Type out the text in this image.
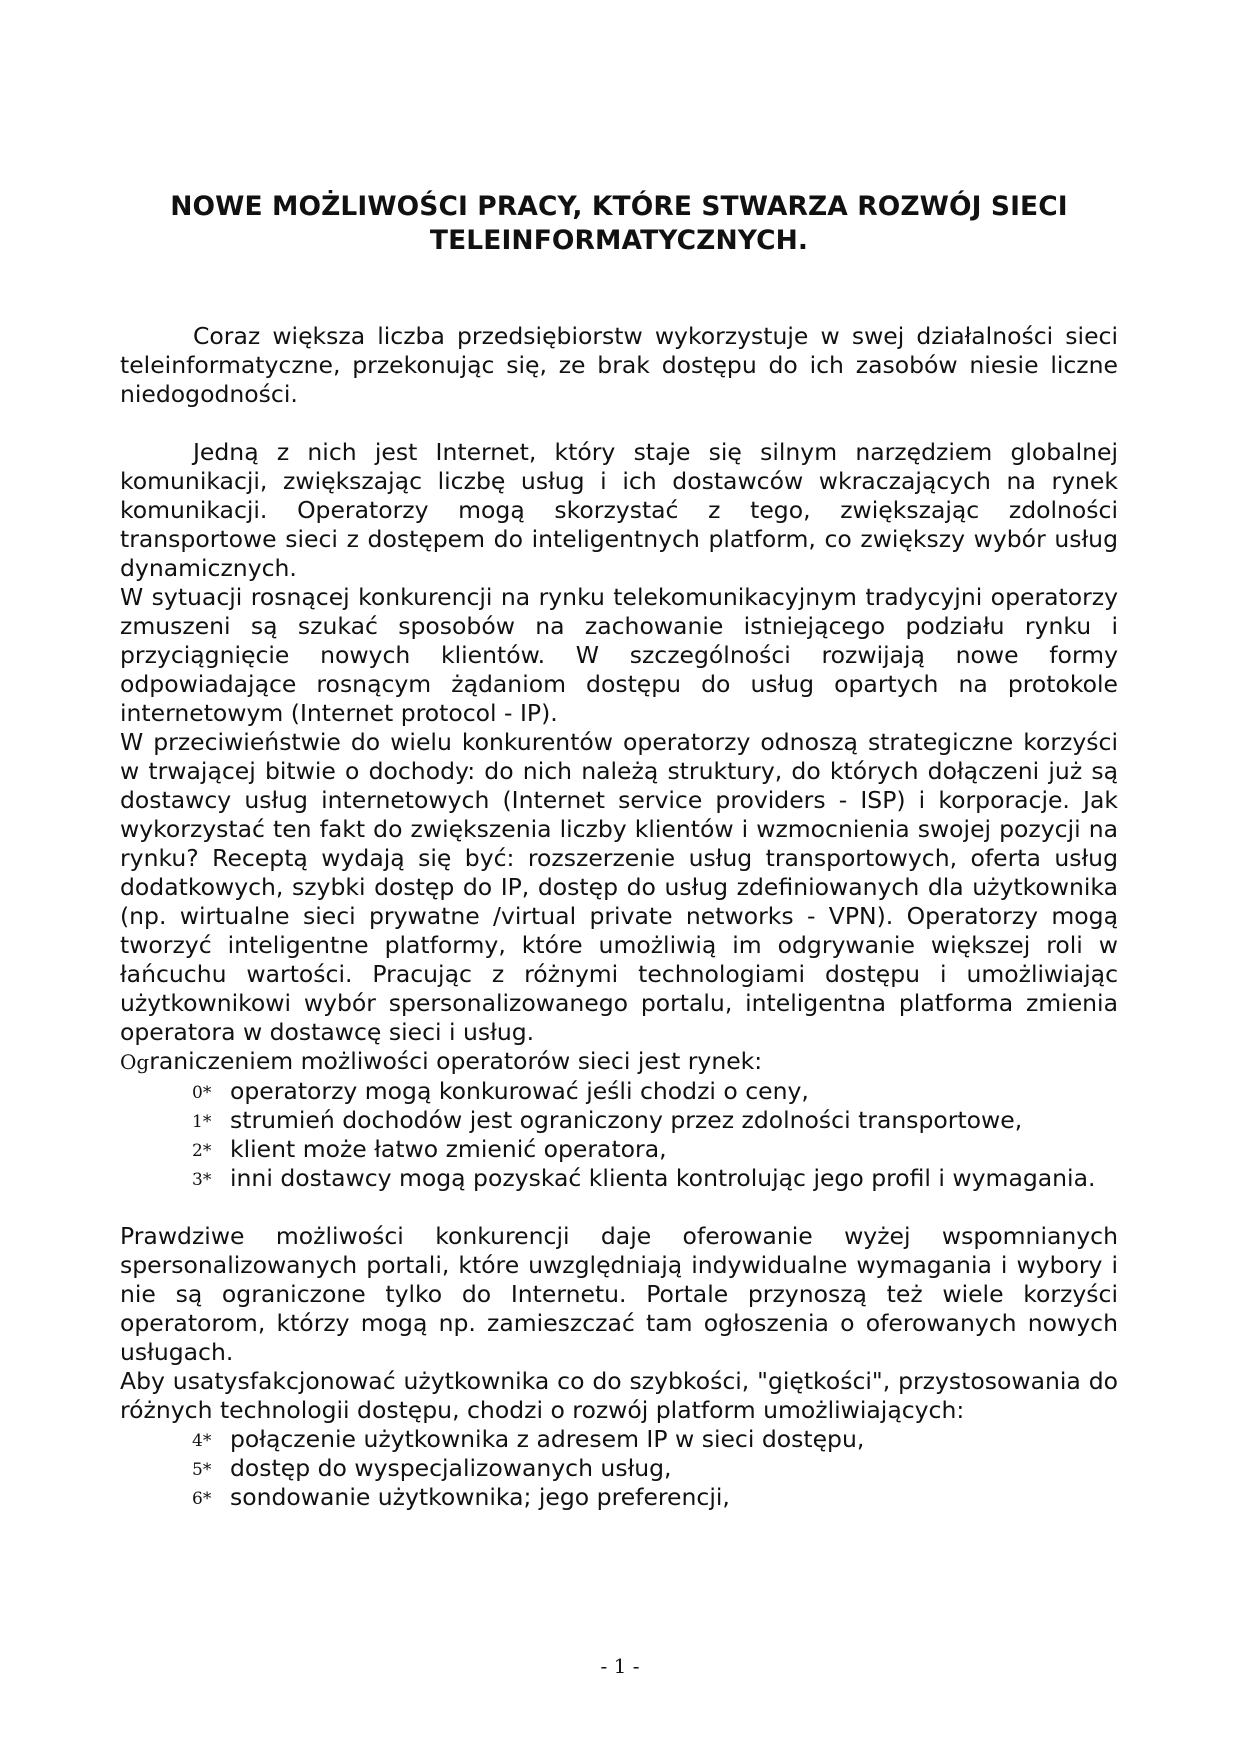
NOWE MOŻLIWOŚCI PRACY, KTÓRE STWARZA ROZWÓJ SIECI
TELEINFORMATYCZNYCH.

Coraz większa liczba przedsiębiorstw wykorzystuje w swej działalności sieci teleinformatyczne, przekonując się, ze brak dostępu do ich zasobów niesie liczne niedogodności.

Jedną z nich jest Internet, który staje się silnym narzędziem globalnej komunikacji, zwiększając liczbę usług i ich dostawców wkraczających na rynek komunikacji. Operatorzy mogą skorzystać z tego, zwiększając zdolności transportowe sieci z dostępem do inteligentnych platform, co zwiększy wybór usług dynamicznych.

W sytuacji rosnącej konkurencji na rynku telekomunikacyjnym tradycyjni operatorzy zmuszeni są szukać sposobów na zachowanie istniejącego podziału rynku i przyciągnięcie nowych klientów. W szczególności rozwijają nowe formy odpowiadające rosnącym żądaniom dostępu do usług opartych na protokole internetowym (Internet protocol - IP).

W przeciwieństwie do wielu konkurentów operatorzy odnoszą strategiczne korzyści w trwającej bitwie o dochody: do nich należą struktury, do których dołączeni już są dostawcy usług internetowych (Internet service providers - ISP) i korporacje. Jak wykorzystać ten fakt do zwiększenia liczby klientów i wzmocnienia swojej pozycji na rynku? Receptą wydają się być: rozszerzenie usług transportowych, oferta usług dodatkowych, szybki dostęp do IP, dostęp do usług zdefiniowanych dla użytkownika (np. wirtualne sieci prywatne /virtual private networks - VPN). Operatorzy mogą tworzyć inteligentne platformy, które umożliwią im odgrywanie większej roli w łańcuchu wartości. Pracując z różnymi technologiami dostępu i umożliwiając użytkownikowi wybór spersonalizowanego portalu, inteligentna platforma zmienia operatora w dostawcę sieci i usług.

Ograniczeniem możliwości operatorów sieci jest rynek:

0* operatorzy mogą konkurować jeśli chodzi o ceny,
1* strumień dochodów jest ograniczony przez zdolności transportowe,
2* klient może łatwo zmienić operatora,
3* inni dostawcy mogą pozyskać klienta kontrolując jego profil i wymagania.

Prawdziwe możliwości konkurencji daje oferowanie wyżej wspomnianych spersonalizowanych portali, które uwzględniają indywidualne wymagania i wybory i nie są ograniczone tylko do Internetu. Portale przynoszą też wiele korzyści operatorom, którzy mogą np. zamieszczać tam ogłoszenia o oferowanych nowych usługach.

Aby usatysfakcjonować użytkownika co do szybkości, "giętkości", przystosowania do różnych technologii dostępu, chodzi o rozwój platform umożliwiających:

4* połączenie użytkownika z adresem IP w sieci dostępu,
5* dostęp do wyspecjalizowanych usług,
6* sondowanie użytkownika; jego preferencji,
- 1 -
